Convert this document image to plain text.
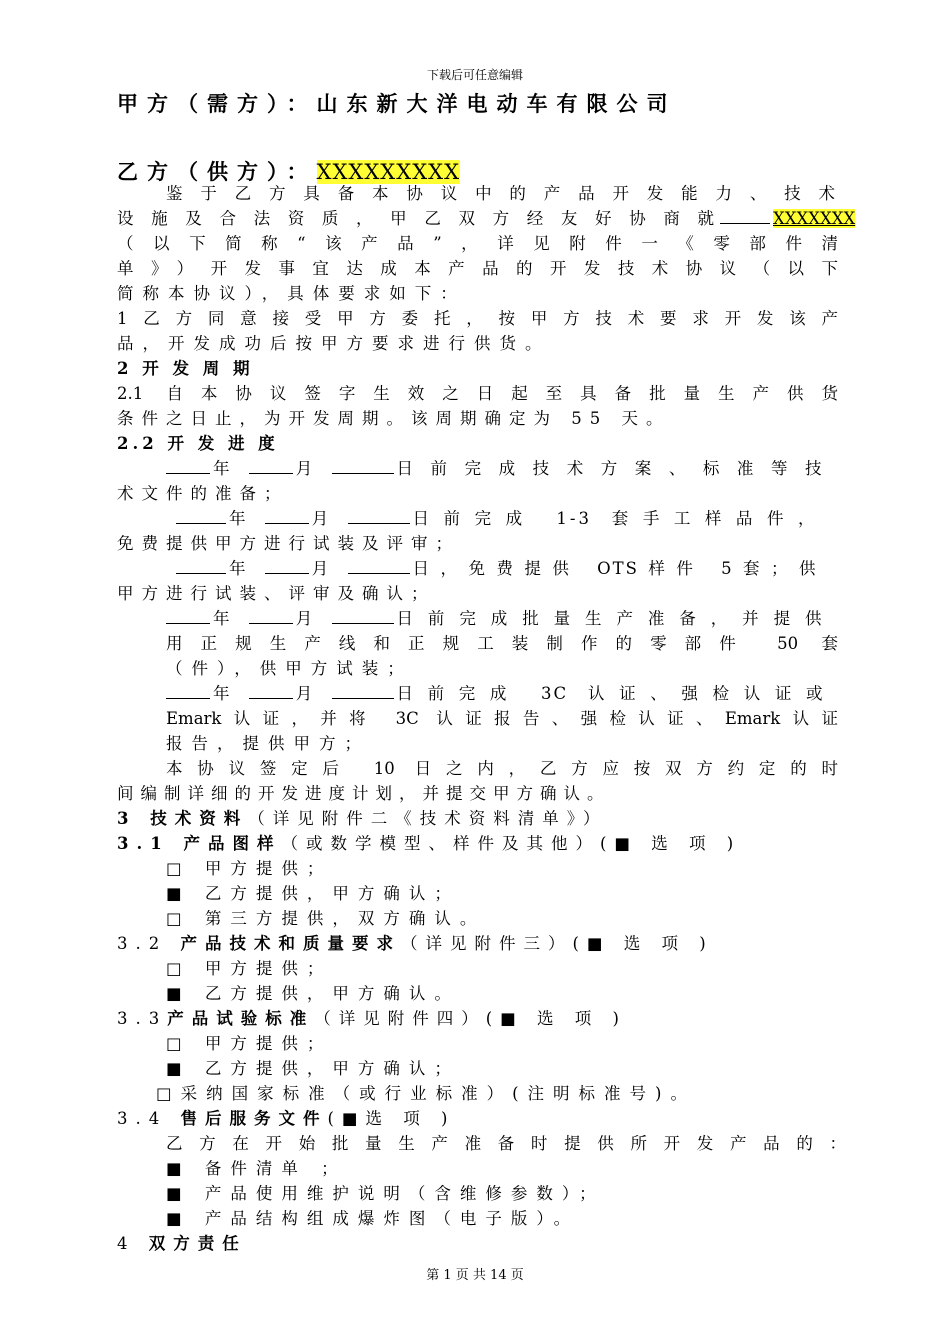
下载后可任意编辑
甲方（需方）：山东新大洋电动车有限公司
乙方（供方）：XXXXXXXXX
鉴于乙方具备本协议中的产品开发能力、技术
设施及合法资质，甲乙双方经友好协商就	XXXXXXX
（以下简称“该产品”，详见附件一《零部件清
单》）开发事宜达成本产品的开发技术协议（以下
简称本协议），具体要求如下：
1乙方同意接受甲方委托，按甲方技术要求开发该产
品，开发成功后按甲方要求进行供货。
2 开 发 周 期
2.1 自本协议签字生效之日起至具备批量生产供货
条件之日止，为开发周期。该周期确定为 55 天。
2.2 开 发 进 度
年	月	日前完成技术方案、标准等技
术文件的准备；
年	月	日前完成 1-3 套手工样品件，
免费提供甲方进行试装及评审；
年	月	日，免费提供 OTS样件 5套；供
甲方进行试装、评审及确认；
年	月	日前完成批量生产准备，并提供
用正规生产线和正规工装制作的零部件 50 套
（件），供甲方试装；
年	月	日前完成 3C 认证、强检认证或
Emark认证，并将 3C 认证报告、强检认证、Emark认证
报告，提供甲方；
本协议签定后 10 日之内，乙方应按双方约定的时
间编制详细的开发进度计划，并提交甲方确认。
3 技术资料（详见附件二《技术资料清单》）
3.1 产品图样（或数学模型、样件及其他）(■ 选 项 )
□ 甲方提供；
■ 乙方提供，甲方确认；
□ 第三方提供，双方确认。
3.2 产品技术和质量要求（详见附件三）(■ 选 项 )
□ 甲方提供；
■ 乙方提供，甲方确认。
3.3产品试验标准（详见附件四）(■ 选 项 )
□ 甲方提供；
■ 乙方提供，甲方确认；
□采纳国家标准（或行业标准）(注明标准号)。
3.4 售后服务文件(■选 项 )
乙方在开始批量生产准备时提供所开发产品的：
■ 备件清单 ；
■ 产品使用维护说明（含维修参数）；
■ 产品结构组成爆炸图（电子版）。
4 双方责任
第 1 页 共 14 页
